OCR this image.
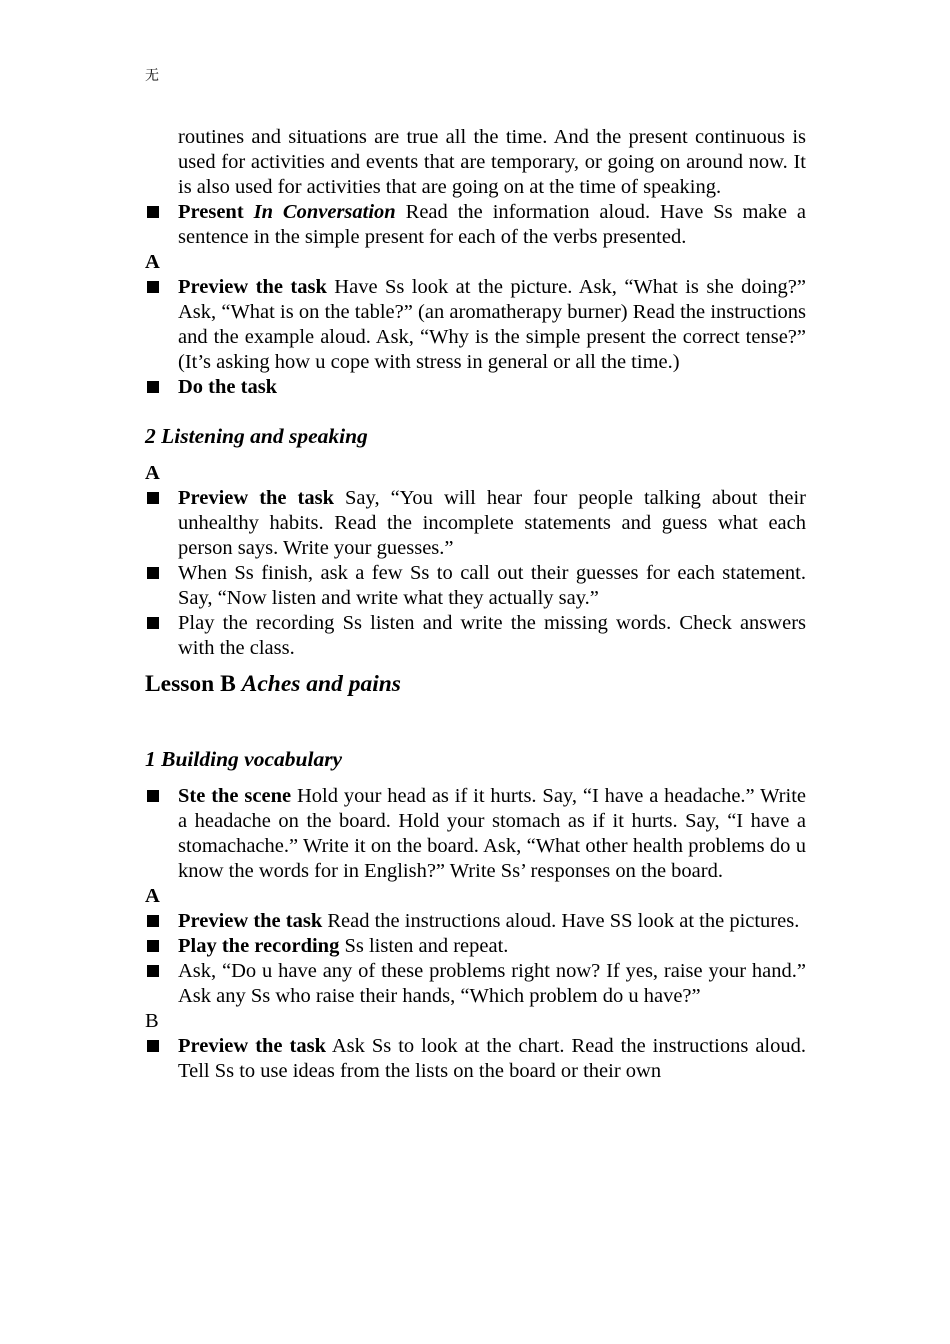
无

routines and situations are true all the time. And the present continuous is used for activities and events that are temporary, or going on around now. It is also used for activities that are going on at the time of speaking.

Present In Conversation Read the information aloud. Have Ss make a sentence in the simple present for each of the verbs presented.

A

Preview the task Have Ss look at the picture. Ask, “What is she doing?” Ask, “What is on the table?” (an aromatherapy burner) Read the instructions and the example aloud. Ask, “Why is the simple present the correct tense?” (It’s asking how u cope with stress in general or all the time.)
Do the task

2 Listening and speaking

A

Preview the task Say, “You will hear four people talking about their unhealthy habits. Read the incomplete statements and guess what each person says. Write your guesses.”
When Ss finish, ask a few Ss to call out their guesses for each statement. Say, “Now listen and write what they actually say.”
Play the recording Ss listen and write the missing words. Check answers with the class.

Lesson B Aches and pains

1 Building vocabulary

Ste the scene Hold your head as if it hurts. Say, “I have a headache.” Write a headache on the board. Hold your stomach as if it hurts. Say, “I have a stomachache.” Write it on the board. Ask, “What other health problems do u know the words for in English?” Write Ss’ responses on the board.

A

Preview the task Read the instructions aloud. Have SS look at the pictures.
Play the recording Ss listen and repeat.
Ask, “Do u have any of these problems right now? If yes, raise your hand.” Ask any Ss who raise their hands, “Which problem do u have?”

B

Preview the task Ask Ss to look at the chart. Read the instructions aloud. Tell Ss to use ideas from the lists on the board or their own
